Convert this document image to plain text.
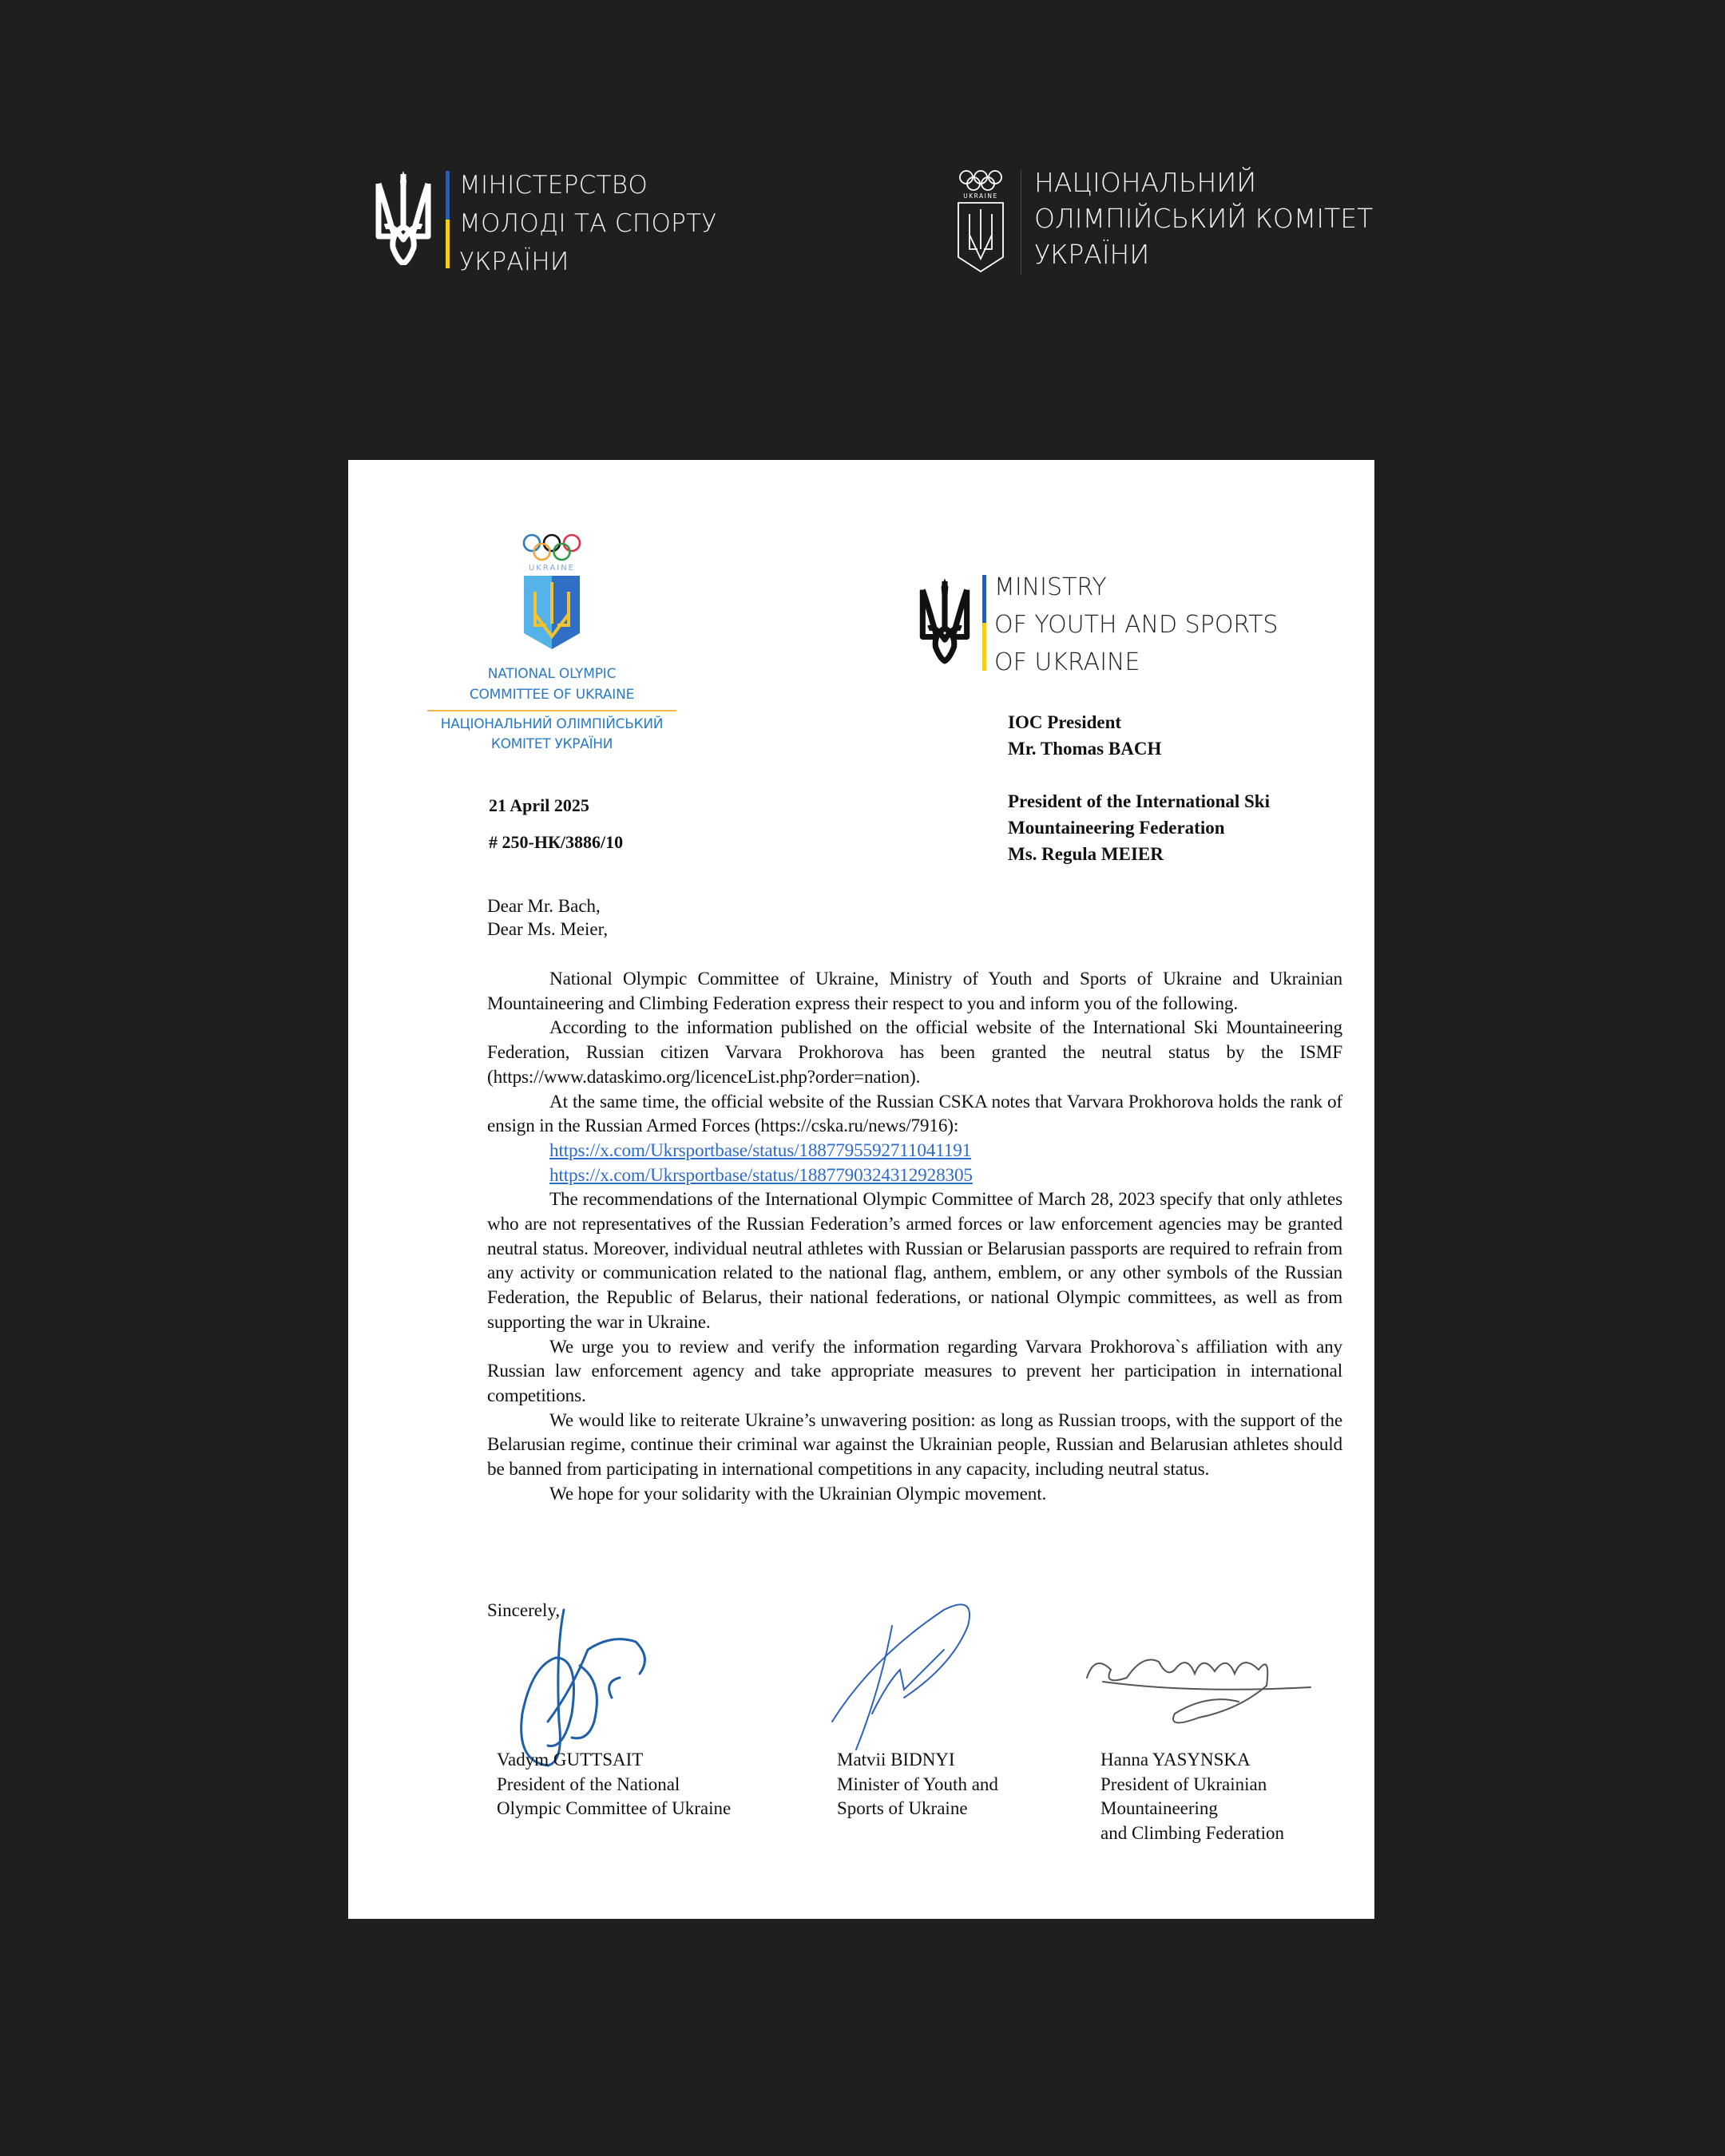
МІНІСТЕРСТВО
МОЛОДІ ТА СПОРТУ
УКРАЇНИ
UKRAINE НАЦІОНАЛЬНИЙ
ОЛІМПІЙСЬКИЙ КОМІТЕТ
УКРАЇНИ
UKRAINE
NATIONAL OLYMPIC
COMMITTEE OF UKRAINE
НАЦІОНАЛЬНИЙ ОЛІМПІЙСЬКИЙ
КОМІТЕТ УКРАЇНИ
MINISTRY
OF YOUTH AND SPORTS
OF UKRAINE
IOC President
Mr. Thomas BACH
President of the International Ski
Mountaineering Federation
Ms. Regula MEIER
21 April 2025
# 250-НК/3886/10
Dear Mr. Bach,
Dear Ms. Meier,

National Olympic Committee of Ukraine, Ministry of Youth and Sports of Ukraine and Ukrainian Mountaineering and Climbing Federation express their respect to you and inform you of the following.

According to the information published on the official website of the International Ski Mountaineering Federation, Russian citizen Varvara Prokhorova has been granted the neutral status by the ISMF (https://www.dataskimo.org/licenceList.php?order=nation).

At the same time, the official website of the Russian CSKA notes that Varvara Prokhorova holds the rank of ensign in the Russian Armed Forces (https://cska.ru/news/7916):

https://x.com/Ukrsportbase/status/1887795592711041191
https://x.com/Ukrsportbase/status/1887790324312928305

The recommendations of the International Olympic Committee of March 28, 2023 specify that only athletes who are not representatives of the Russian Federation’s armed forces or law enforcement agencies may be granted neutral status. Moreover, individual neutral athletes with Russian or Belarusian passports are required to refrain from any activity or communication related to the national flag, anthem, emblem, or any other symbols of the Russian Federation, the Republic of Belarus, their national federations, or national Olympic committees, as well as from supporting the war in Ukraine.

We urge you to review and verify the information regarding Varvara Prokhorova`s affiliation with any Russian law enforcement agency and take appropriate measures to prevent her participation in international competitions.

We would like to reiterate Ukraine’s unwavering position: as long as Russian troops, with the support of the Belarusian regime, continue their criminal war against the Ukrainian people, Russian and Belarusian athletes should be banned from participating in international competitions in any capacity, including neutral status.

We hope for your solidarity with the Ukrainian Olympic movement.

Sincerely,
Vadym GUTTSAIT
President of the National
Olympic Committee of Ukraine
Matvii BIDNYI
Minister of Youth and
Sports of Ukraine
Hanna YASYNSKA
President of Ukrainian
Mountaineering
and Climbing Federation
